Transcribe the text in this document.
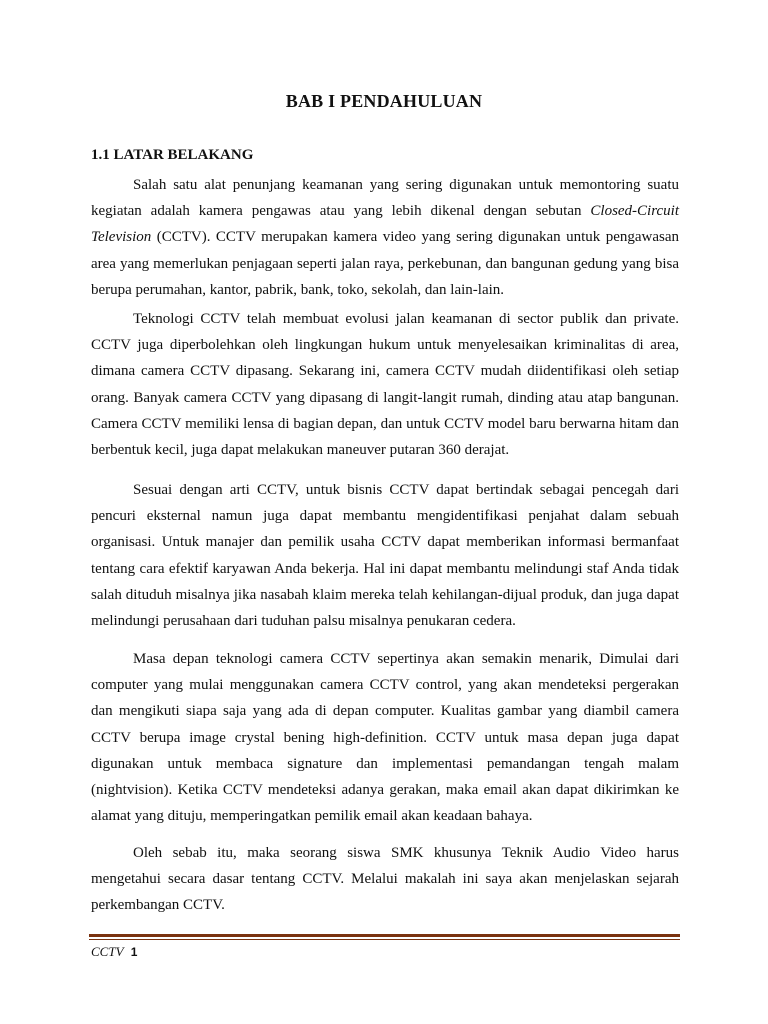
BAB I PENDAHULUAN
1.1 LATAR BELAKANG

Salah satu alat penunjang keamanan yang sering digunakan untuk memontoring suatu kegiatan adalah kamera pengawas atau yang lebih dikenal dengan sebutan Closed-Circuit Television (CCTV). CCTV merupakan kamera video yang sering digunakan untuk pengawasan area yang memerlukan penjagaan seperti jalan raya, perkebunan, dan bangunan gedung yang bisa berupa perumahan, kantor, pabrik, bank, toko, sekolah, dan lain-lain.

Teknologi CCTV telah membuat evolusi jalan keamanan di sector publik dan private. CCTV juga diperbolehkan oleh lingkungan hukum untuk menyelesaikan kriminalitas di area, dimana camera CCTV dipasang. Sekarang ini, camera CCTV mudah diidentifikasi oleh setiap orang. Banyak camera CCTV yang dipasang di langit-langit rumah, dinding atau atap bangunan. Camera CCTV memiliki lensa di bagian depan, dan untuk CCTV model baru berwarna hitam dan berbentuk kecil, juga dapat melakukan maneuver putaran 360 derajat.

Sesuai dengan arti CCTV, untuk bisnis CCTV dapat bertindak sebagai pencegah dari pencuri eksternal namun juga dapat membantu mengidentifikasi penjahat dalam sebuah organisasi. Untuk manajer dan pemilik usaha CCTV dapat memberikan informasi bermanfaat tentang cara efektif karyawan Anda bekerja. Hal ini dapat membantu melindungi staf Anda tidak salah dituduh misalnya jika nasabah klaim mereka telah kehilangan-dijual produk, dan juga dapat melindungi perusahaan dari tuduhan palsu misalnya penukaran cedera.

Masa depan teknologi camera CCTV sepertinya akan semakin menarik, Dimulai dari computer yang mulai menggunakan camera CCTV control, yang akan mendeteksi pergerakan dan mengikuti siapa saja yang ada di depan computer. Kualitas gambar yang diambil camera CCTV berupa image crystal bening high-definition. CCTV untuk masa depan juga dapat digunakan untuk membaca signature dan implementasi pemandangan tengah malam (nightvision). Ketika CCTV mendeteksi adanya gerakan, maka email akan dapat dikirimkan ke alamat yang dituju, memperingatkan pemilik email akan keadaan bahaya.

Oleh sebab itu, maka seorang siswa SMK khusunya Teknik Audio Video harus mengetahui secara dasar tentang CCTV. Melalui makalah ini saya akan menjelaskan sejarah perkembangan CCTV.

CCTV 1
